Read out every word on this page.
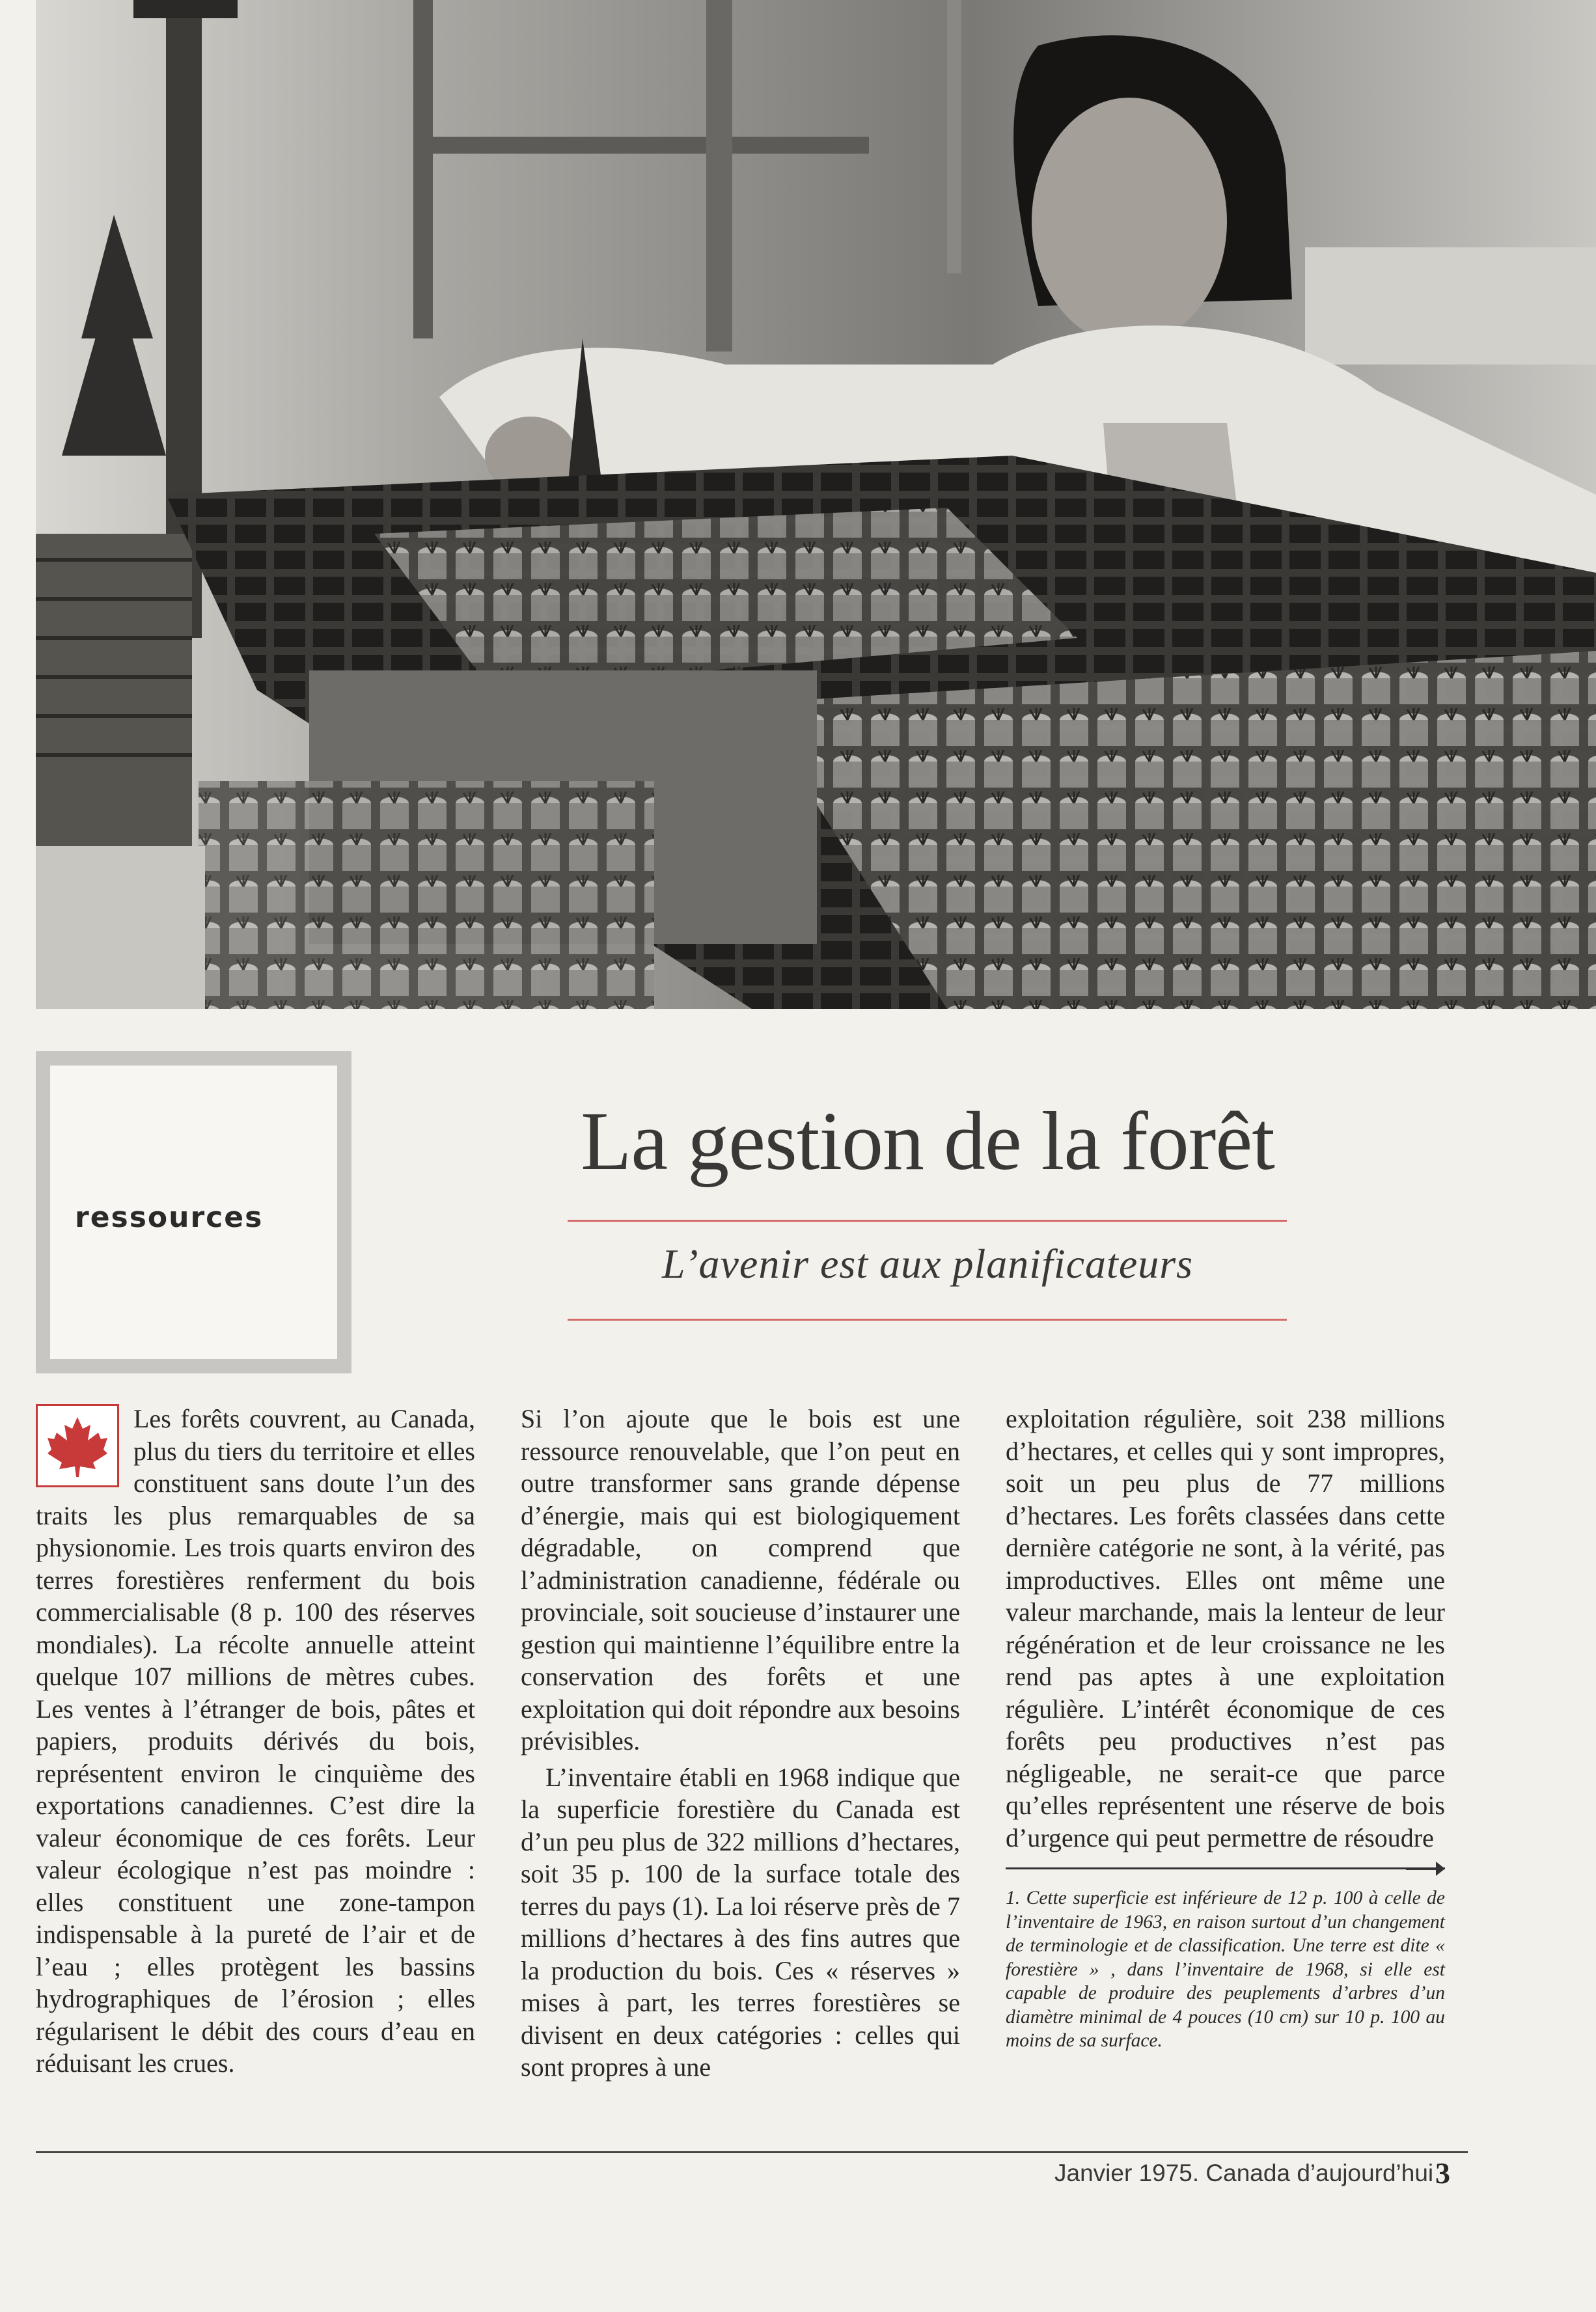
ressources
La gestion de la forêt
L’avenir est aux planificateurs

Les forêts couvrent, au Canada, plus du tiers du territoire et elles constituent sans doute l’un des traits les plus remarquables de sa physionomie. Les trois quarts environ des terres forestières renferment du bois commercialisable (8 p. 100 des réserves mondiales). La récolte annuelle atteint quelque 107 millions de mètres cubes. Les ventes à l’étranger de bois, pâtes et papiers, produits dérivés du bois, représentent environ le cinquième des exportations canadiennes. C’est dire la valeur économique de ces forêts. Leur valeur écologique n’est pas moindre : elles constituent une zone-tampon indispensable à la pureté de l’air et de l’eau ; elles protègent les bassins hydrographiques de l’érosion ; elles régularisent le débit des cours d’eau en réduisant les crues.

Si l’on ajoute que le bois est une ressource renouvelable, que l’on peut en outre transformer sans grande dépense d’énergie, mais qui est biologiquement dégradable, on comprend que l’administration canadienne, fédérale ou provinciale, soit soucieuse d’instaurer une gestion qui maintienne l’équilibre entre la conservation des forêts et une exploitation qui doit répondre aux besoins prévisibles.

L’inventaire établi en 1968 indique que la superficie forestière du Canada est d’un peu plus de 322 millions d’hectares, soit 35 p. 100 de la surface totale des terres du pays (1). La loi réserve près de 7 millions d’hectares à des fins autres que la production du bois. Ces « réserves » mises à part, les terres forestières se divisent en deux catégories : celles qui sont propres à une

exploitation régulière, soit 238 millions d’hectares, et celles qui y sont impropres, soit un peu plus de 77 millions d’hectares. Les forêts classées dans cette dernière catégorie ne sont, à la vérité, pas improductives. Elles ont même une valeur marchande, mais la lenteur de leur régénération et de leur croissance ne les rend pas aptes à une exploitation régulière. L’intérêt économique de ces forêts peu productives n’est pas négligeable, ne serait-ce que parce qu’elles représentent une réserve de bois d’urgence qui peut permettre de résoudre

1. Cette superficie est inférieure de 12 p. 100 à celle de l’inventaire de 1963, en raison surtout d’un changement de terminologie et de classification. Une terre est dite « forestière » , dans l’inventaire de 1968, si elle est capable de produire des peuplements d’arbres d’un diamètre minimal de 4 pouces (10 cm) sur 10 p. 100 au moins de sa surface.
Janvier 1975. Canada d’aujourd’hui 3
